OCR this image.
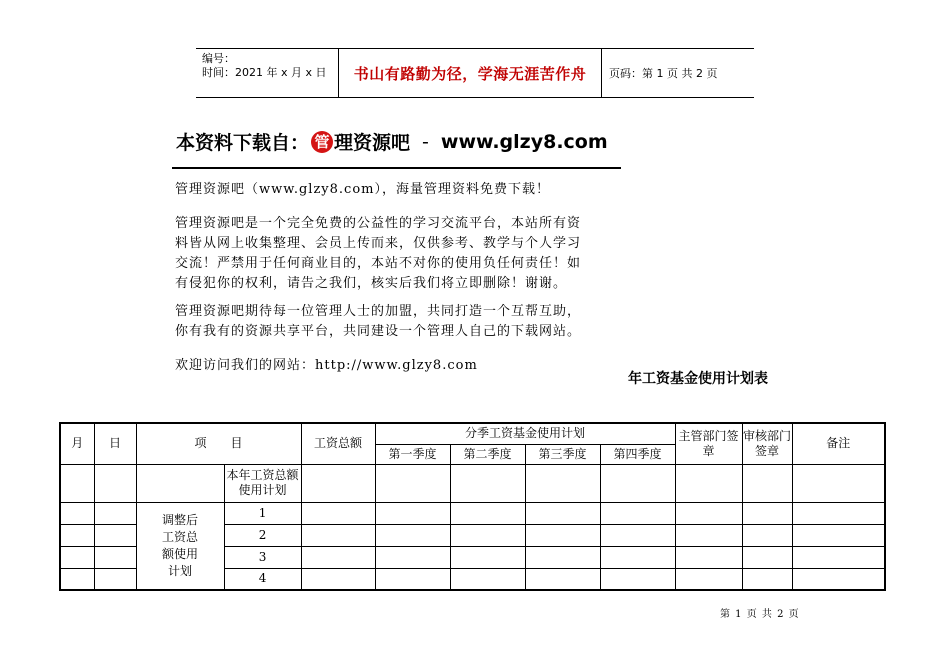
编号：
时间：2021 年 x 月 x 日	书山有路勤为径，学海无涯苦作舟	页码：第 1 页 共 2 页
本资料下载自： 管 理资源吧 - www.glzy8.com
管理资源吧（www.glzy8.com），海量管理资料免费下载！
管理资源吧是一个完全免费的公益性的学习交流平台，本站所有资
料皆从网上收集整理、会员上传而来，仅供参考、教学与个人学习
交流！严禁用于任何商业目的，本站不对你的使用负任何责任！如
有侵犯你的权利，请告之我们，核实后我们将立即删除！谢谢。
管理资源吧期待每一位管理人士的加盟，共同打造一个互帮互助，
你有我有的资源共享平台，共同建设一个管理人自己的下载网站。
欢迎访问我们的网站：http://www.glzy8.com
年工资基金使用计划表
月	日	项　　目		工资总额	分季工资基金使用计划				主管部门签章	审核部门签章	备注
					第一季度	第二季度	第三季度	第四季度			
			本年工资总额使用计划								
		调整后工资总额使用计划	1								
			2								
			3								
			4								
第 1 页 共 2 页
